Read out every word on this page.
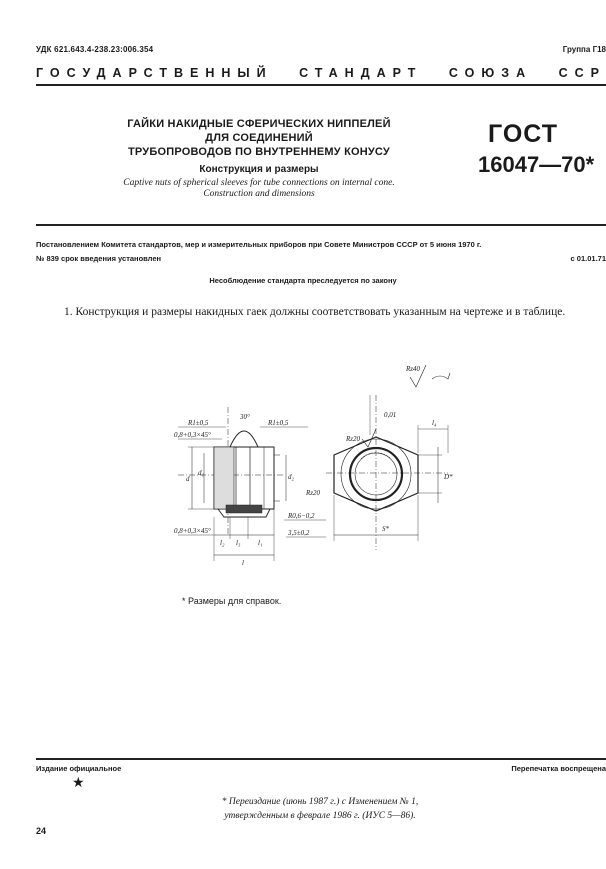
УДК 621.643.4-238.23:006.354	Группа Г18
ГОСУДАРСТВЕННЫЙ СТАНДАРТ СОЮЗА ССР
ГАЙКИ НАКИДНЫЕ СФЕРИЧЕСКИХ НИППЕЛЕЙ
ДЛЯ СОЕДИНЕНИЙ
ТРУБОПРОВОДОВ ПО ВНУТРЕННЕМУ КОНУСУ
Конструкция и размеры
Captive nuts of spherical sleeves for tube connections on internal cone.
Construction and dimensions
ГОСТ
16047—70*
Постановлением Комитета стандартов, мер и измерительных приборов при Совете Министров СССР от 5 июня 1970 г.
№ 839 срок введения установлен	с 01.01.71
Несоблюдение стандарта преследуется по закону
1. Конструкция и размеры накидных гаек должны соответствовать указанным на чертеже и в таблице.
R1±0,5	R1±0,5
30°
0,8+0,3×45°
0,8+0,3×45°
R0,6−0,2
3,5±0,2
d
d₁	d₂
l₂ l₃	l₁
l
Rz20
Rz40
Rz20
0,01
l₄
D*
S*
* Размеры для справок.
Издание официальное	Перепечатка воспрещена
★
* Переиздание (июнь 1987 г.) с Изменением № 1,
утвержденным в феврале 1986 г. (ИУС 5—86).
24
